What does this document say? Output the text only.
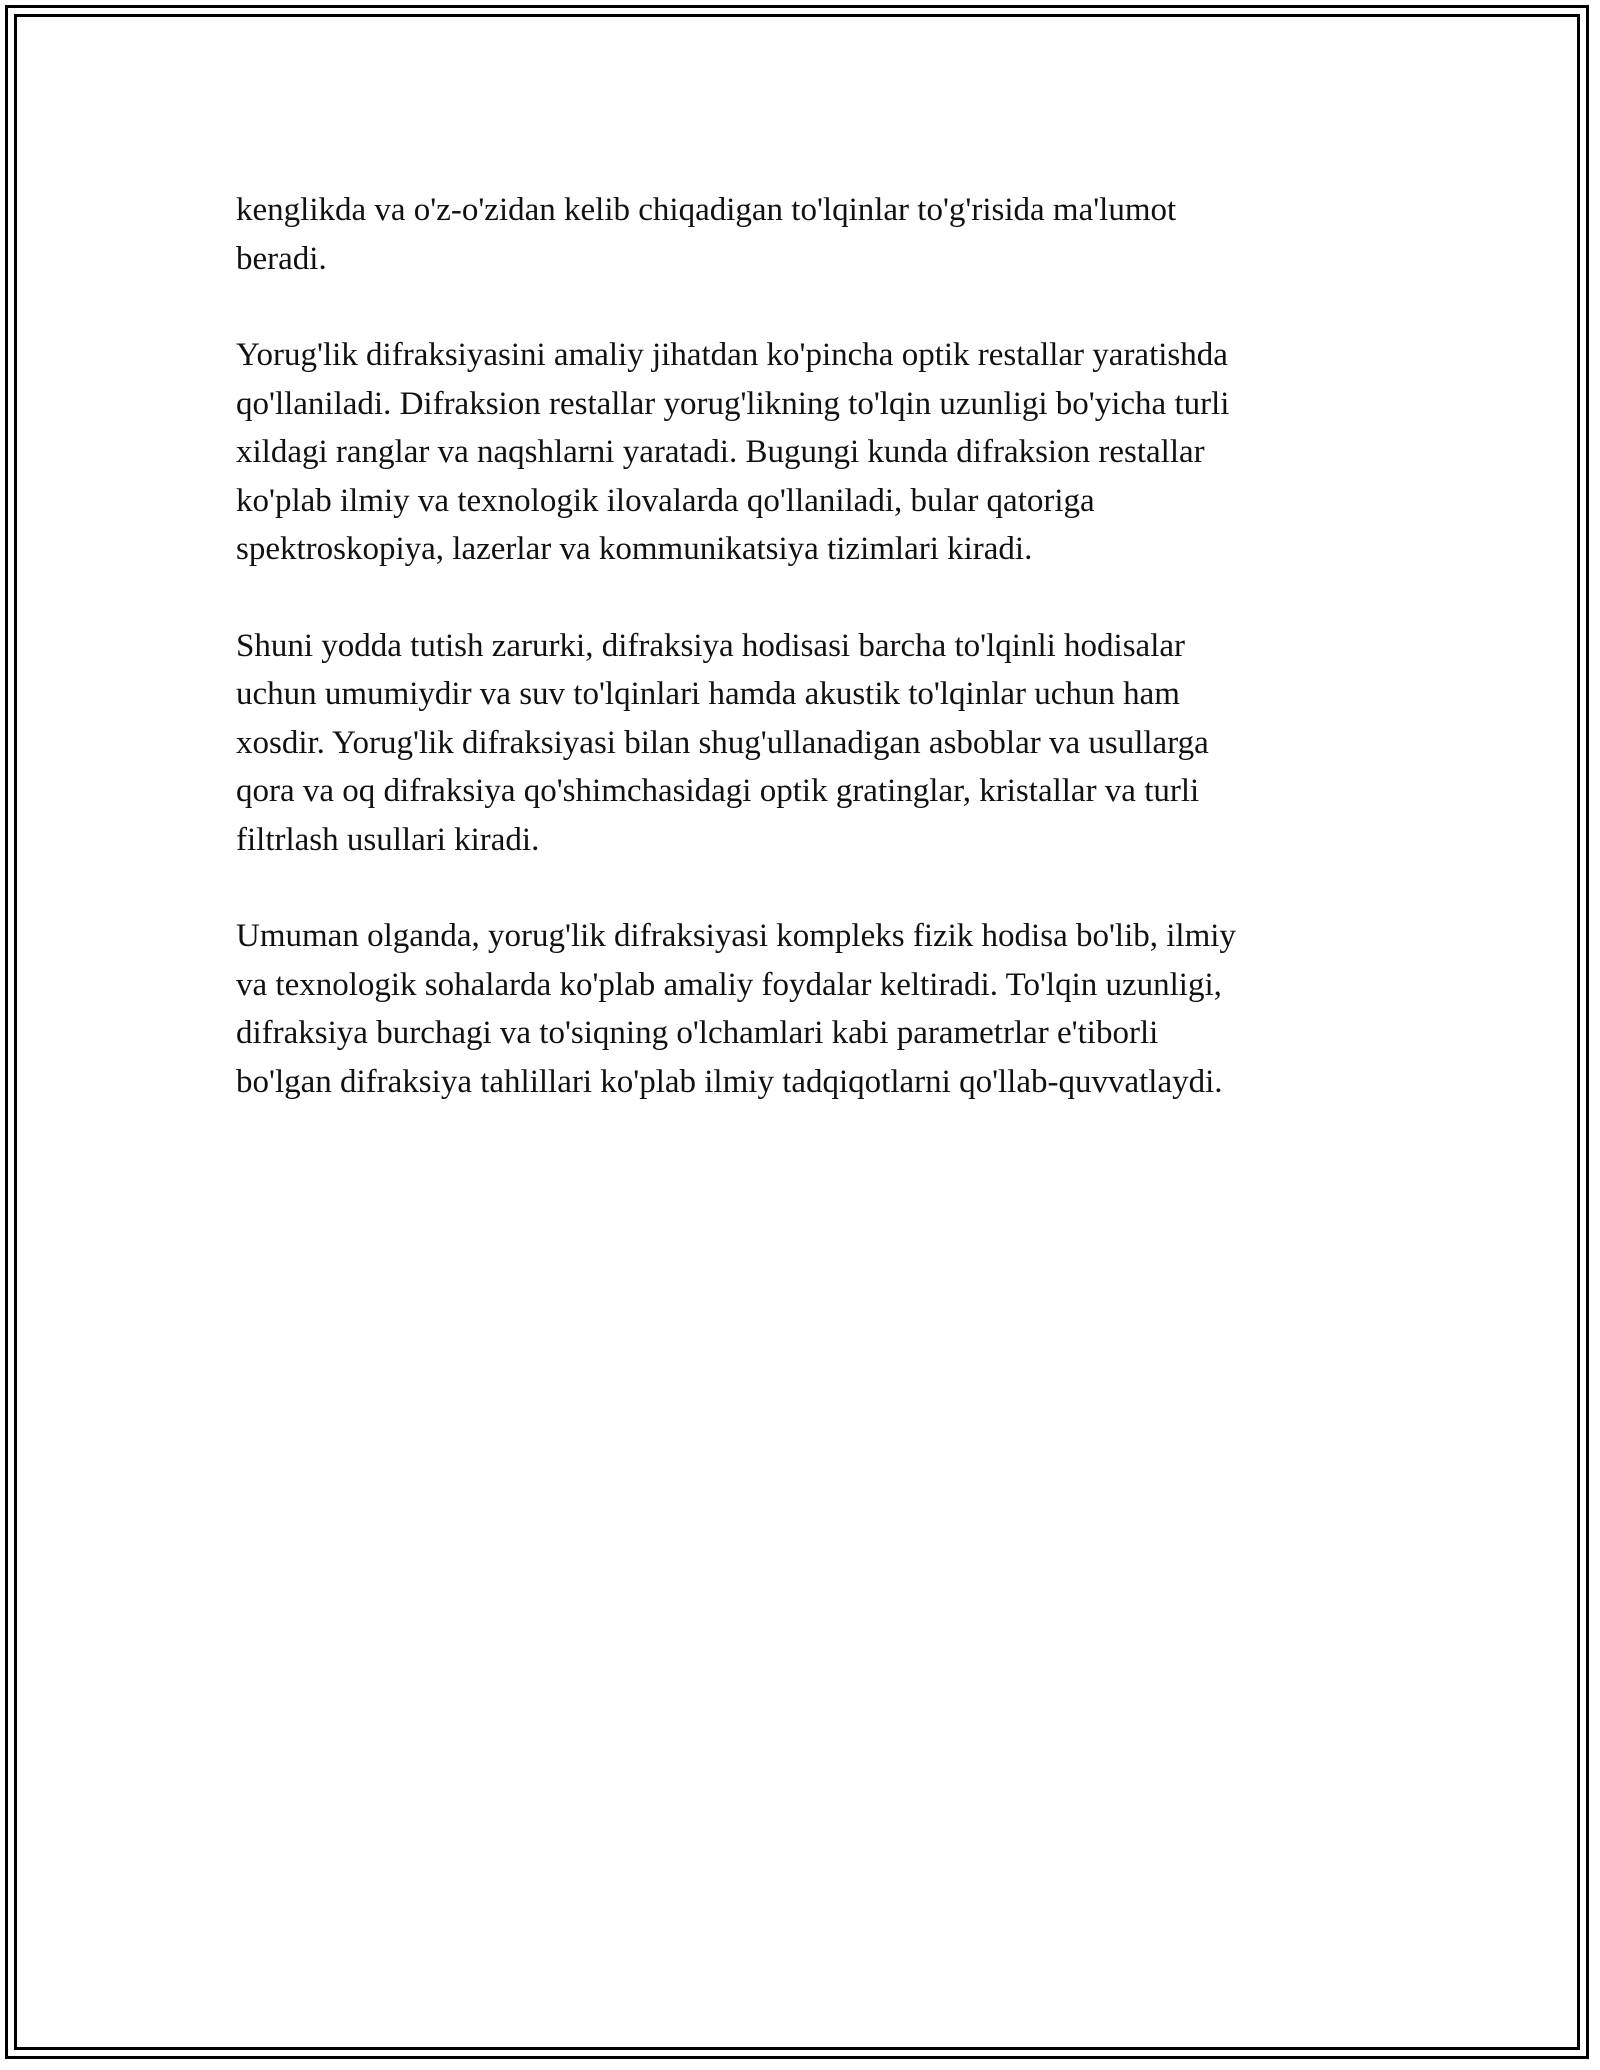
kenglikda va o'z-o'zidan kelib chiqadigan to'lqinlar to'g'risida ma'lumot
beradi.

Yorug'lik difraksiyasini amaliy jihatdan ko'pincha optik restallar yaratishda
qo'llaniladi. Difraksion restallar yorug'likning to'lqin uzunligi bo'yicha turli
xildagi ranglar va naqshlarni yaratadi. Bugungi kunda difraksion restallar
ko'plab ilmiy va texnologik ilovalarda qo'llaniladi, bular qatoriga
spektroskopiya, lazerlar va kommunikatsiya tizimlari kiradi.

Shuni yodda tutish zarurki, difraksiya hodisasi barcha to'lqinli hodisalar
uchun umumiydir va suv to'lqinlari hamda akustik to'lqinlar uchun ham
xosdir. Yorug'lik difraksiyasi bilan shug'ullanadigan asboblar va usullarga
qora va oq difraksiya qo'shimchasidagi optik gratinglar, kristallar va turli
filtrlash usullari kiradi.

Umuman olganda, yorug'lik difraksiyasi kompleks fizik hodisa bo'lib, ilmiy
va texnologik sohalarda ko'plab amaliy foydalar keltiradi. To'lqin uzunligi,
difraksiya burchagi va to'siqning o'lchamlari kabi parametrlar e'tiborli
bo'lgan difraksiya tahlillari ko'plab ilmiy tadqiqotlarni qo'llab-quvvatlaydi.
